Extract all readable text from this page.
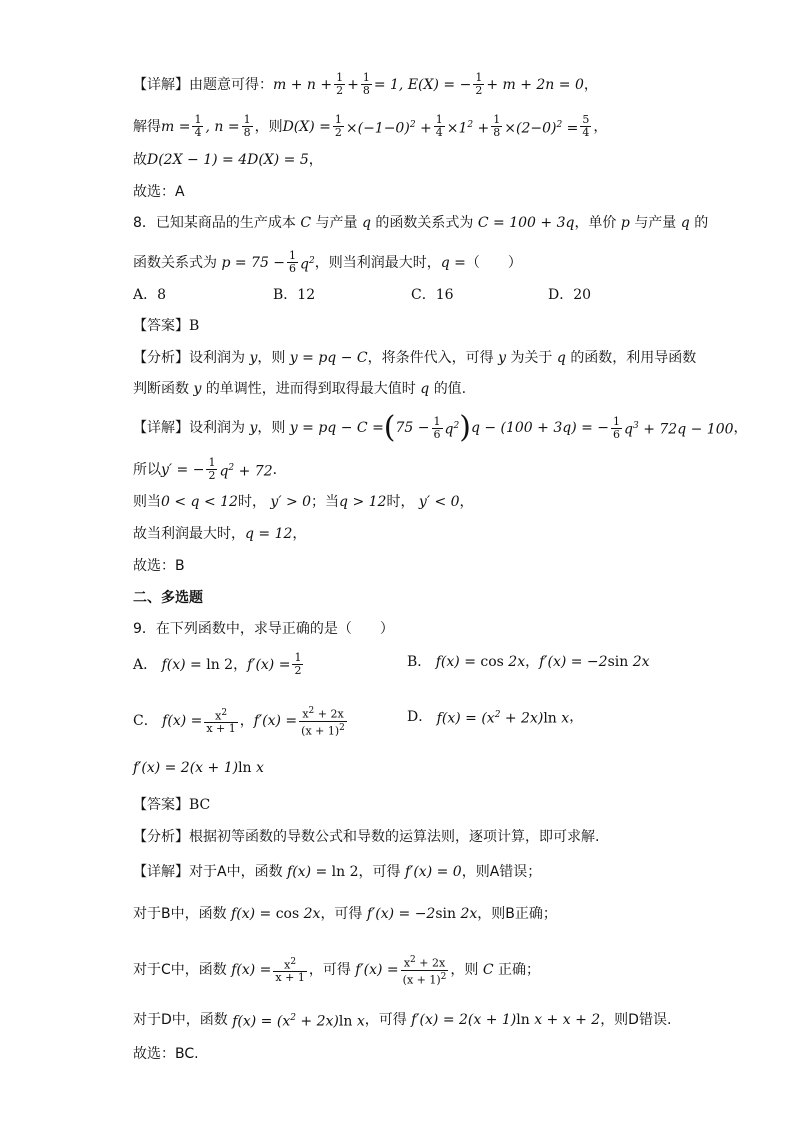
【详解】 由题意可得： $m + n + \frac{1}{2} + \frac{1}{8} = 1$, E(X) = − $\frac{1}{2} + m + 2n = 0$ ，
解得 $m = \frac{1}{4}$ , $n = \frac{1}{8}$ ，则 $D(X) = \frac{1}{2} \times(-1-0)^2 + \frac{1}{4} \times 1^2 + \frac{1}{8} \times(2-0)^2 = \frac{5}{4}$ ，
故 D(2X − 1) = 4D(X) = 5 ，
故选：A
8．已知某商品的生产成本 C 与产量 q 的函数关系式为 C = 100 + 3q ，单价 p 与产量 q 的
函数关系式为 $p = 75 - \frac{1}{6} q^2$ ，则当利润最大时， q = （　　）
A．8	B．12	C．16	D．20
【答案】 B
【分析】 设利润为 y ，则 y = pq − C ，将条件代入，可得 y 为关于 q 的函数，利用导函数
判断函数 y 的单调性，进而得到取得最大值时 q 的值.
【详解】 设利润为 y ，则 y = pq − C = ( $75 - \frac{1}{6} q^2$ ) q − (100 + 3q) = − $\frac{1}{6} q^3 + 72q - 100$ ，
所以 y′ = − $\frac{1}{2} q^2 + 72$ ．
则当 0 < q < 12 时， y′ > 0 ；当 q > 12 时， y′ < 0 ，
故当利润最大时， q = 12 ，
故选：B
二、多选题
9．在下列函数中，求导正确的是（　　）
A． f(x) = ln 2 ， $f'(x) = \frac{1}{2}$	B． f(x) = cos 2x ， f′(x) = −2sin 2x
C． $f(x) = \frac{x^2}{x + 1}$ ， $f'(x) = \frac{x^2 + 2x}{(x + 1)^2}$	D． $f(x) = (x^2 + 2x)\ln$ x ，
f′(x) = 2(x + 1)ln x
【答案】 BC
【分析】 根据初等函数的导数公式和导数的运算法则，逐项计算，即可求解.
【详解】 对于A中，函数 f(x) = ln 2 ，可得 f′(x) = 0 ，则A错误；
对于B中，函数 f(x) = cos 2x ，可得 f′(x) = −2sin 2x ，则B正确；
对于C中，函数 $f(x) = \frac{x^2}{x + 1}$ ，可得 $f'(x) = \frac{x^2 + 2x}{(x + 1)^2}$ ，则 C 正确；
对于D中，函数 $f(x) = (x^2 + 2x)\ln$ x ，可得 f′(x) = 2(x + 1)ln x + x + 2 ，则D错误.
故选：BC.
